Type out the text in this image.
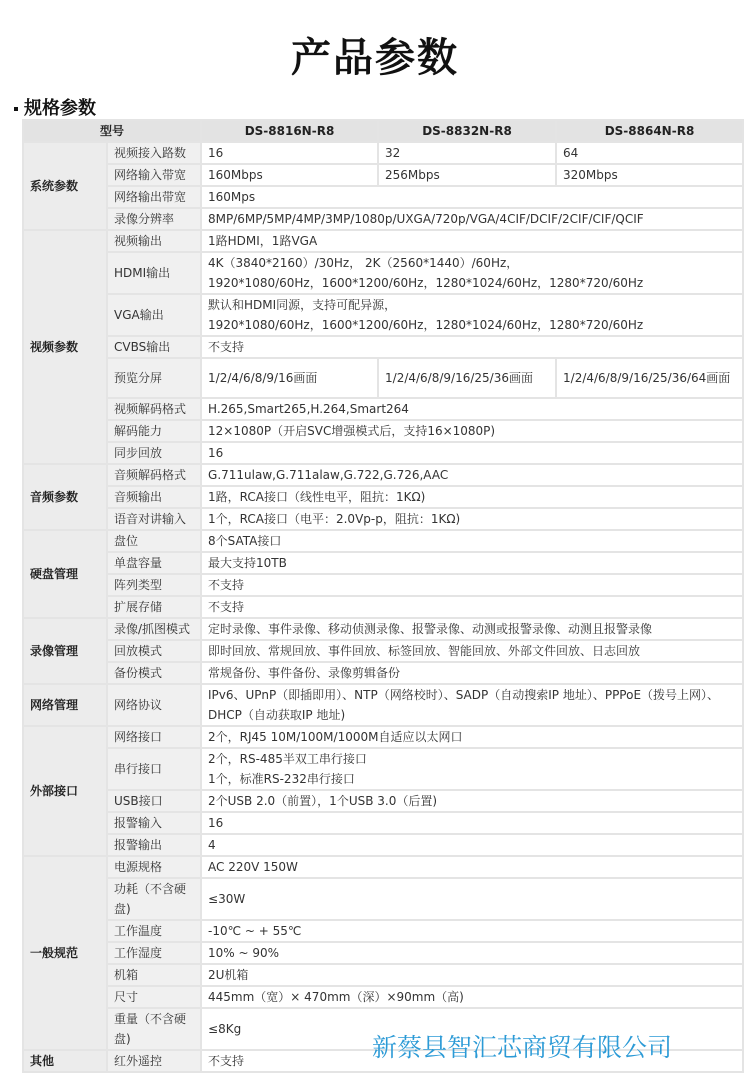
产品参数
规格参数
型号		DS-8816N-R8	DS-8832N-R8	DS-8864N-R8
系统参数	视频接入路数	16	32	64
	网络输入带宽	160Mbps	256Mbps	320Mbps
	网络输出带宽	160Mps		
	录像分辨率	8MP/6MP/5MP/4MP/3MP/1080p/UXGA/720p/VGA/4CIF/DCIF/2CIF/CIF/QCIF		
视频参数	视频输出	1路HDMI，1路VGA		
	HDMI输出	4K（3840*2160）/30Hz， 2K（2560*1440）/60Hz，
1920*1080/60Hz，1600*1200/60Hz，1280*1024/60Hz，1280*720/60Hz		
	VGA输出	默认和HDMI同源，支持可配异源，
1920*1080/60Hz，1600*1200/60Hz，1280*1024/60Hz，1280*720/60Hz		
	CVBS输出	不支持		
	预览分屏	1/2/4/6/8/9/16画面	1/2/4/6/8/9/16/25/36画面	1/2/4/6/8/9/16/25/36/64画面
	视频解码格式	H.265,Smart265,H.264,Smart264		
	解码能力	12×1080P（开启SVC增强模式后，支持16×1080P)		
	同步回放	16		
音频参数	音频解码格式	G.711ulaw,G.711alaw,G.722,G.726,AAC		
	音频输出	1路，RCA接口（线性电平，阻抗：1KΩ)		
	语音对讲输入	1个，RCA接口（电平：2.0Vp-p，阻抗：1KΩ)		
硬盘管理	盘位	8个SATA接口		
	单盘容量	最大支持10TB		
	阵列类型	不支持		
	扩展存储	不支持		
录像管理	录像/抓图模式	定时录像、事件录像、移动侦测录像、报警录像、动测或报警录像、动测且报警录像		
	回放模式	即时回放、常规回放、事件回放、标签回放、智能回放、外部文件回放、日志回放		
	备份模式	常规备份、事件备份、录像剪辑备份		
网络管理	网络协议	IPv6、UPnP（即插即用）、NTP（网络校时）、SADP（自动搜索IP 地址）、PPPoE（拨号上网）、
DHCP（自动获取IP 地址)		
外部接口	网络接口	2个，RJ45 10M/100M/1000M自适应以太网口		
	串行接口	2个，RS-485半双工串行接口
1个，标准RS-232串行接口		
	USB接口	2个USB 2.0（前置），1个USB 3.0（后置)		
	报警输入	16		
	报警输出	4		
一般规范	电源规格	AC 220V 150W		
	功耗（不含硬盘)	≤30W		
	工作温度	-10℃ ~ + 55℃		
	工作湿度	10% ~ 90%		
	机箱	2U机箱		
	尺寸	445mm（宽）× 470mm（深）×90mm（高)		
	重量（不含硬盘)	≤8Kg		
其他	红外遥控	不支持			新蔡县智汇芯商贸有限公司
